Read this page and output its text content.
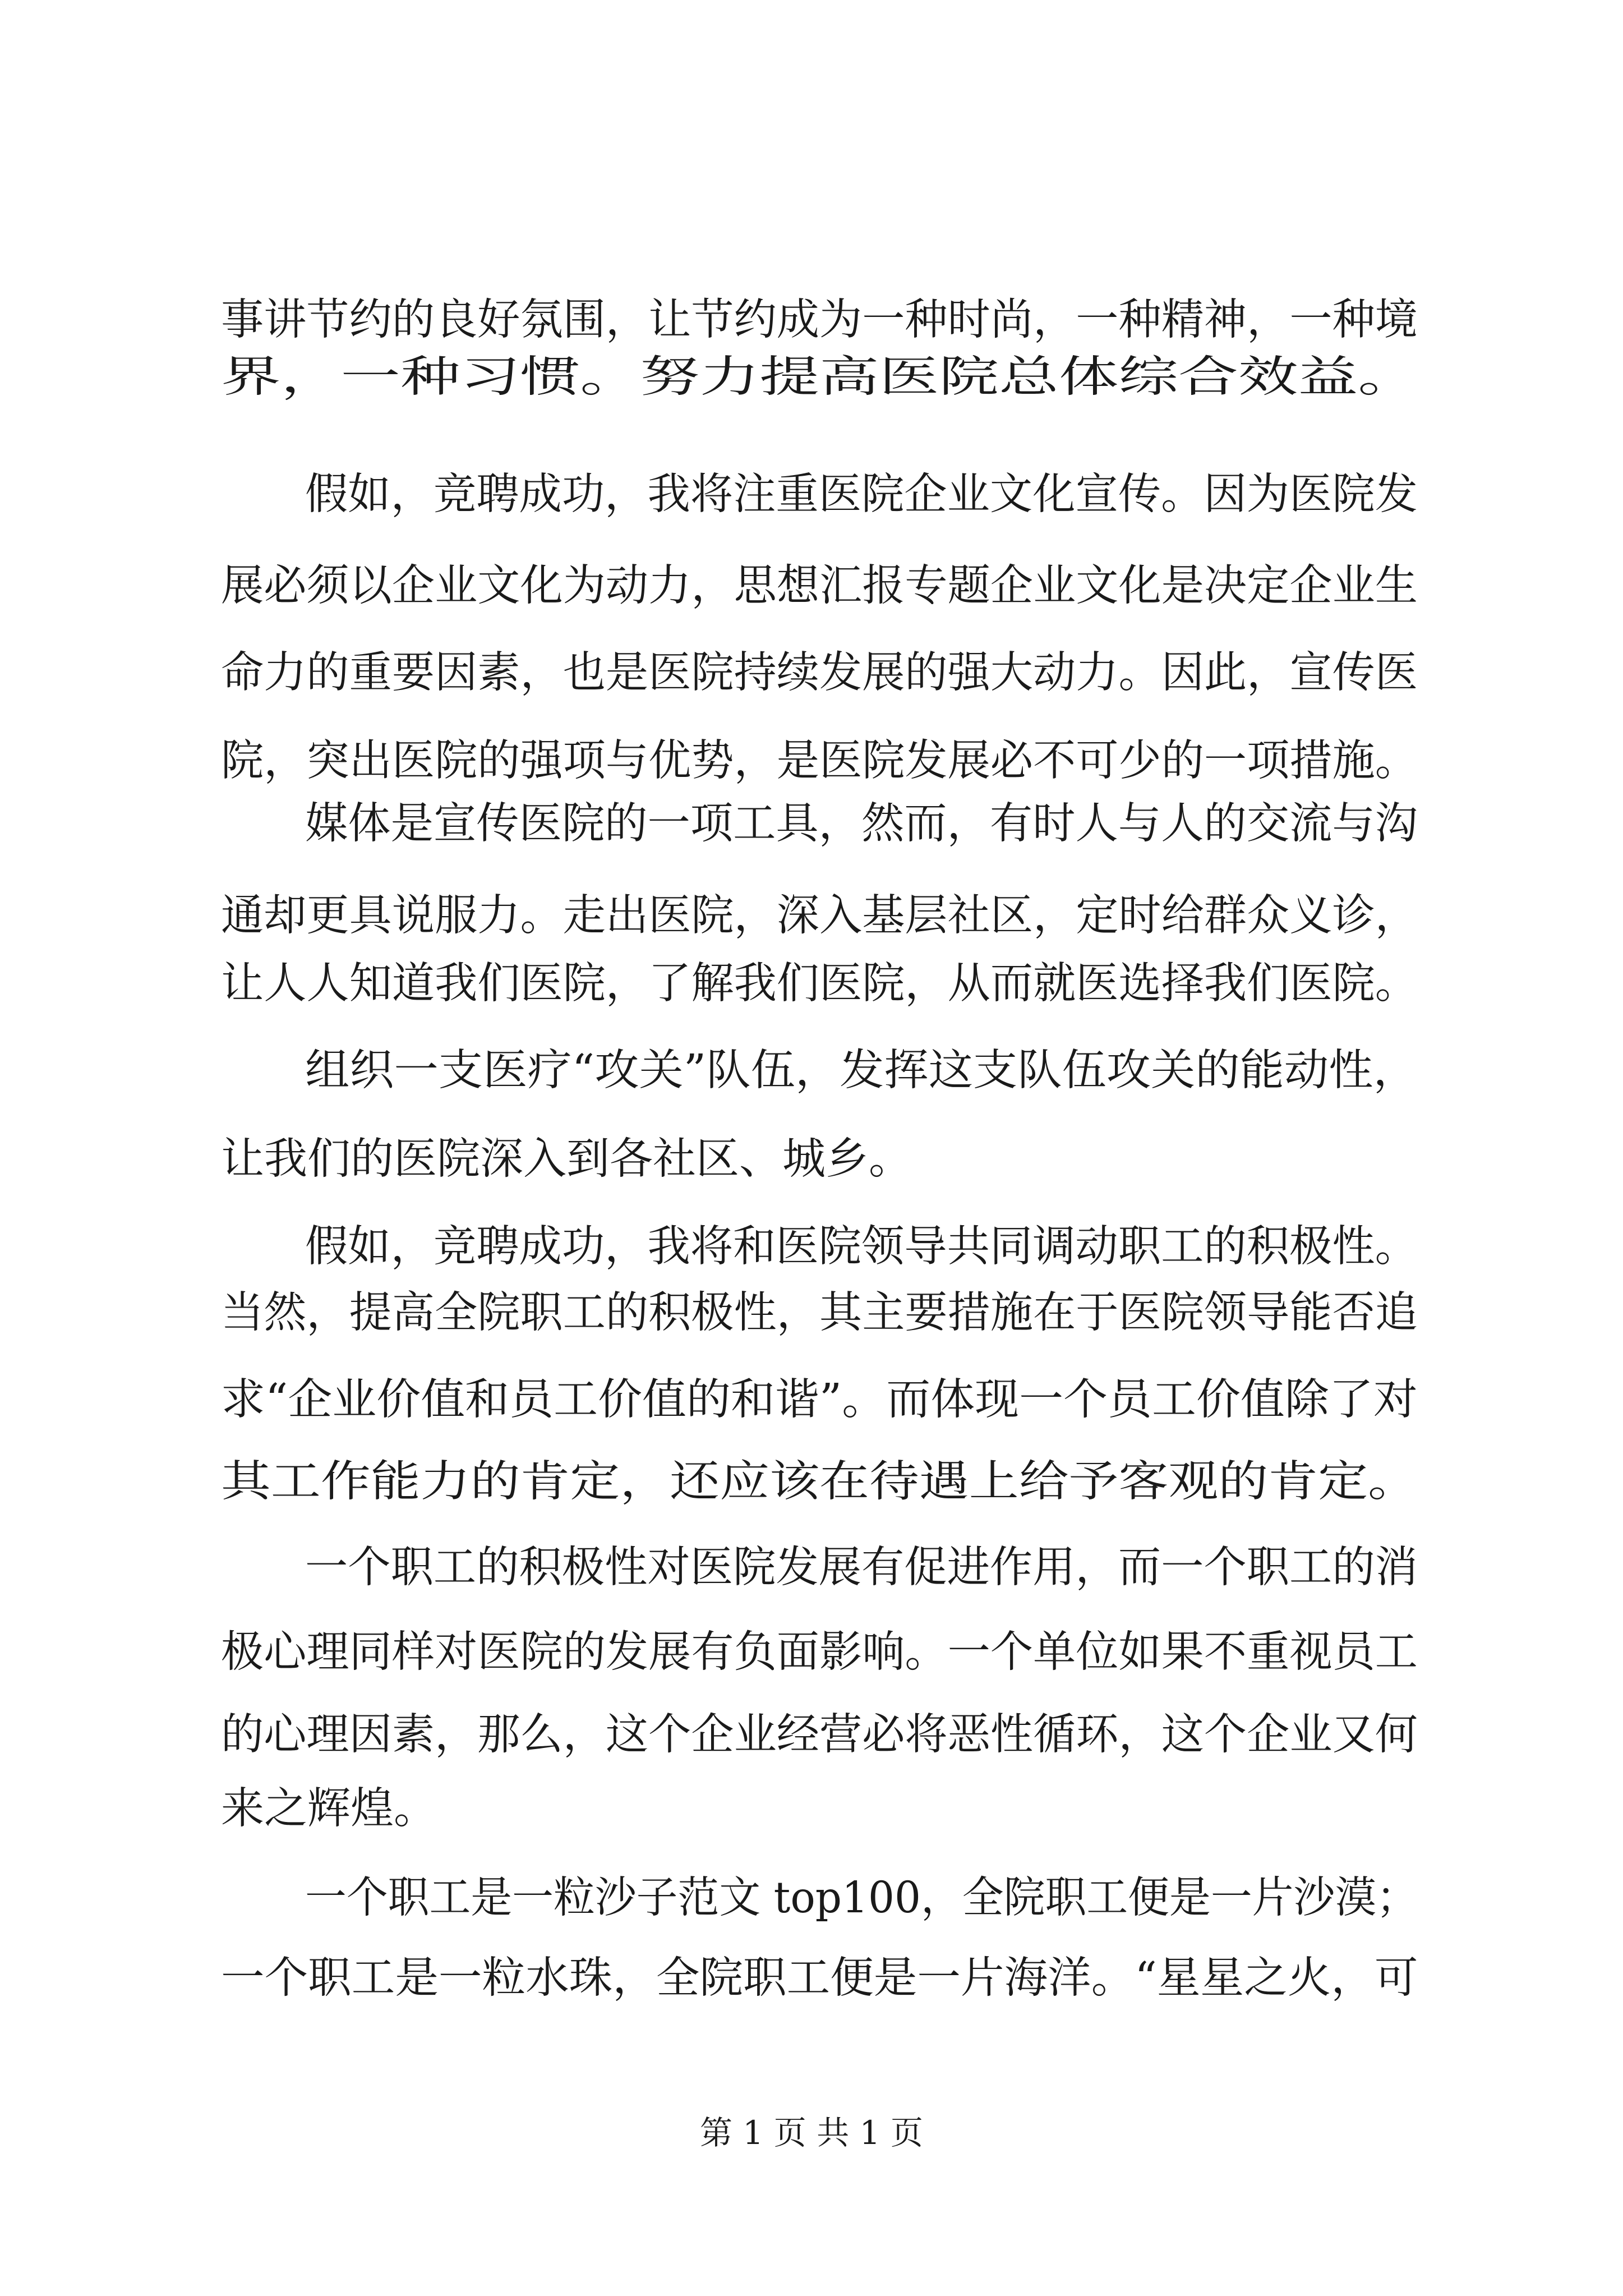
事讲节约的良好氛围，让节约成为一种时尚，一种精神，一种境

界，一种习惯。努力提高医院总体综合效益。

假如，竞聘成功，我将注重医院企业文化宣传。因为医院发

展必须以企业文化为动力，思想汇报专题企业文化是决定企业生

命力的重要因素，也是医院持续发展的强大动力。因此，宣传医

院，突出医院的强项与优势，是医院发展必不可少的一项措施。

媒体是宣传医院的一项工具，然而，有时人与人的交流与沟

通却更具说服力。走出医院，深入基层社区，定时给群众义诊，

让人人知道我们医院，了解我们医院，从而就医选择我们医院。

组织一支医疗“攻关”队伍，发挥这支队伍攻关的能动性，

让我们的医院深入到各社区、城乡。

假如，竞聘成功，我将和医院领导共同调动职工的积极性。

当然，提高全院职工的积极性，其主要措施在于医院领导能否追

求“企业价值和员工价值的和谐”。而体现一个员工价值除了对

其工作能力的肯定，还应该在待遇上给予客观的肯定。

一个职工的积极性对医院发展有促进作用，而一个职工的消

极心理同样对医院的发展有负面影响。一个单位如果不重视员工

的心理因素，那么，这个企业经营必将恶性循环，这个企业又何

来之辉煌。

一个职工是一粒沙子范文 top100，全院职工便是一片沙漠；

一个职工是一粒水珠，全院职工便是一片海洋。“星星之火，可

第 1 页 共 1 页
